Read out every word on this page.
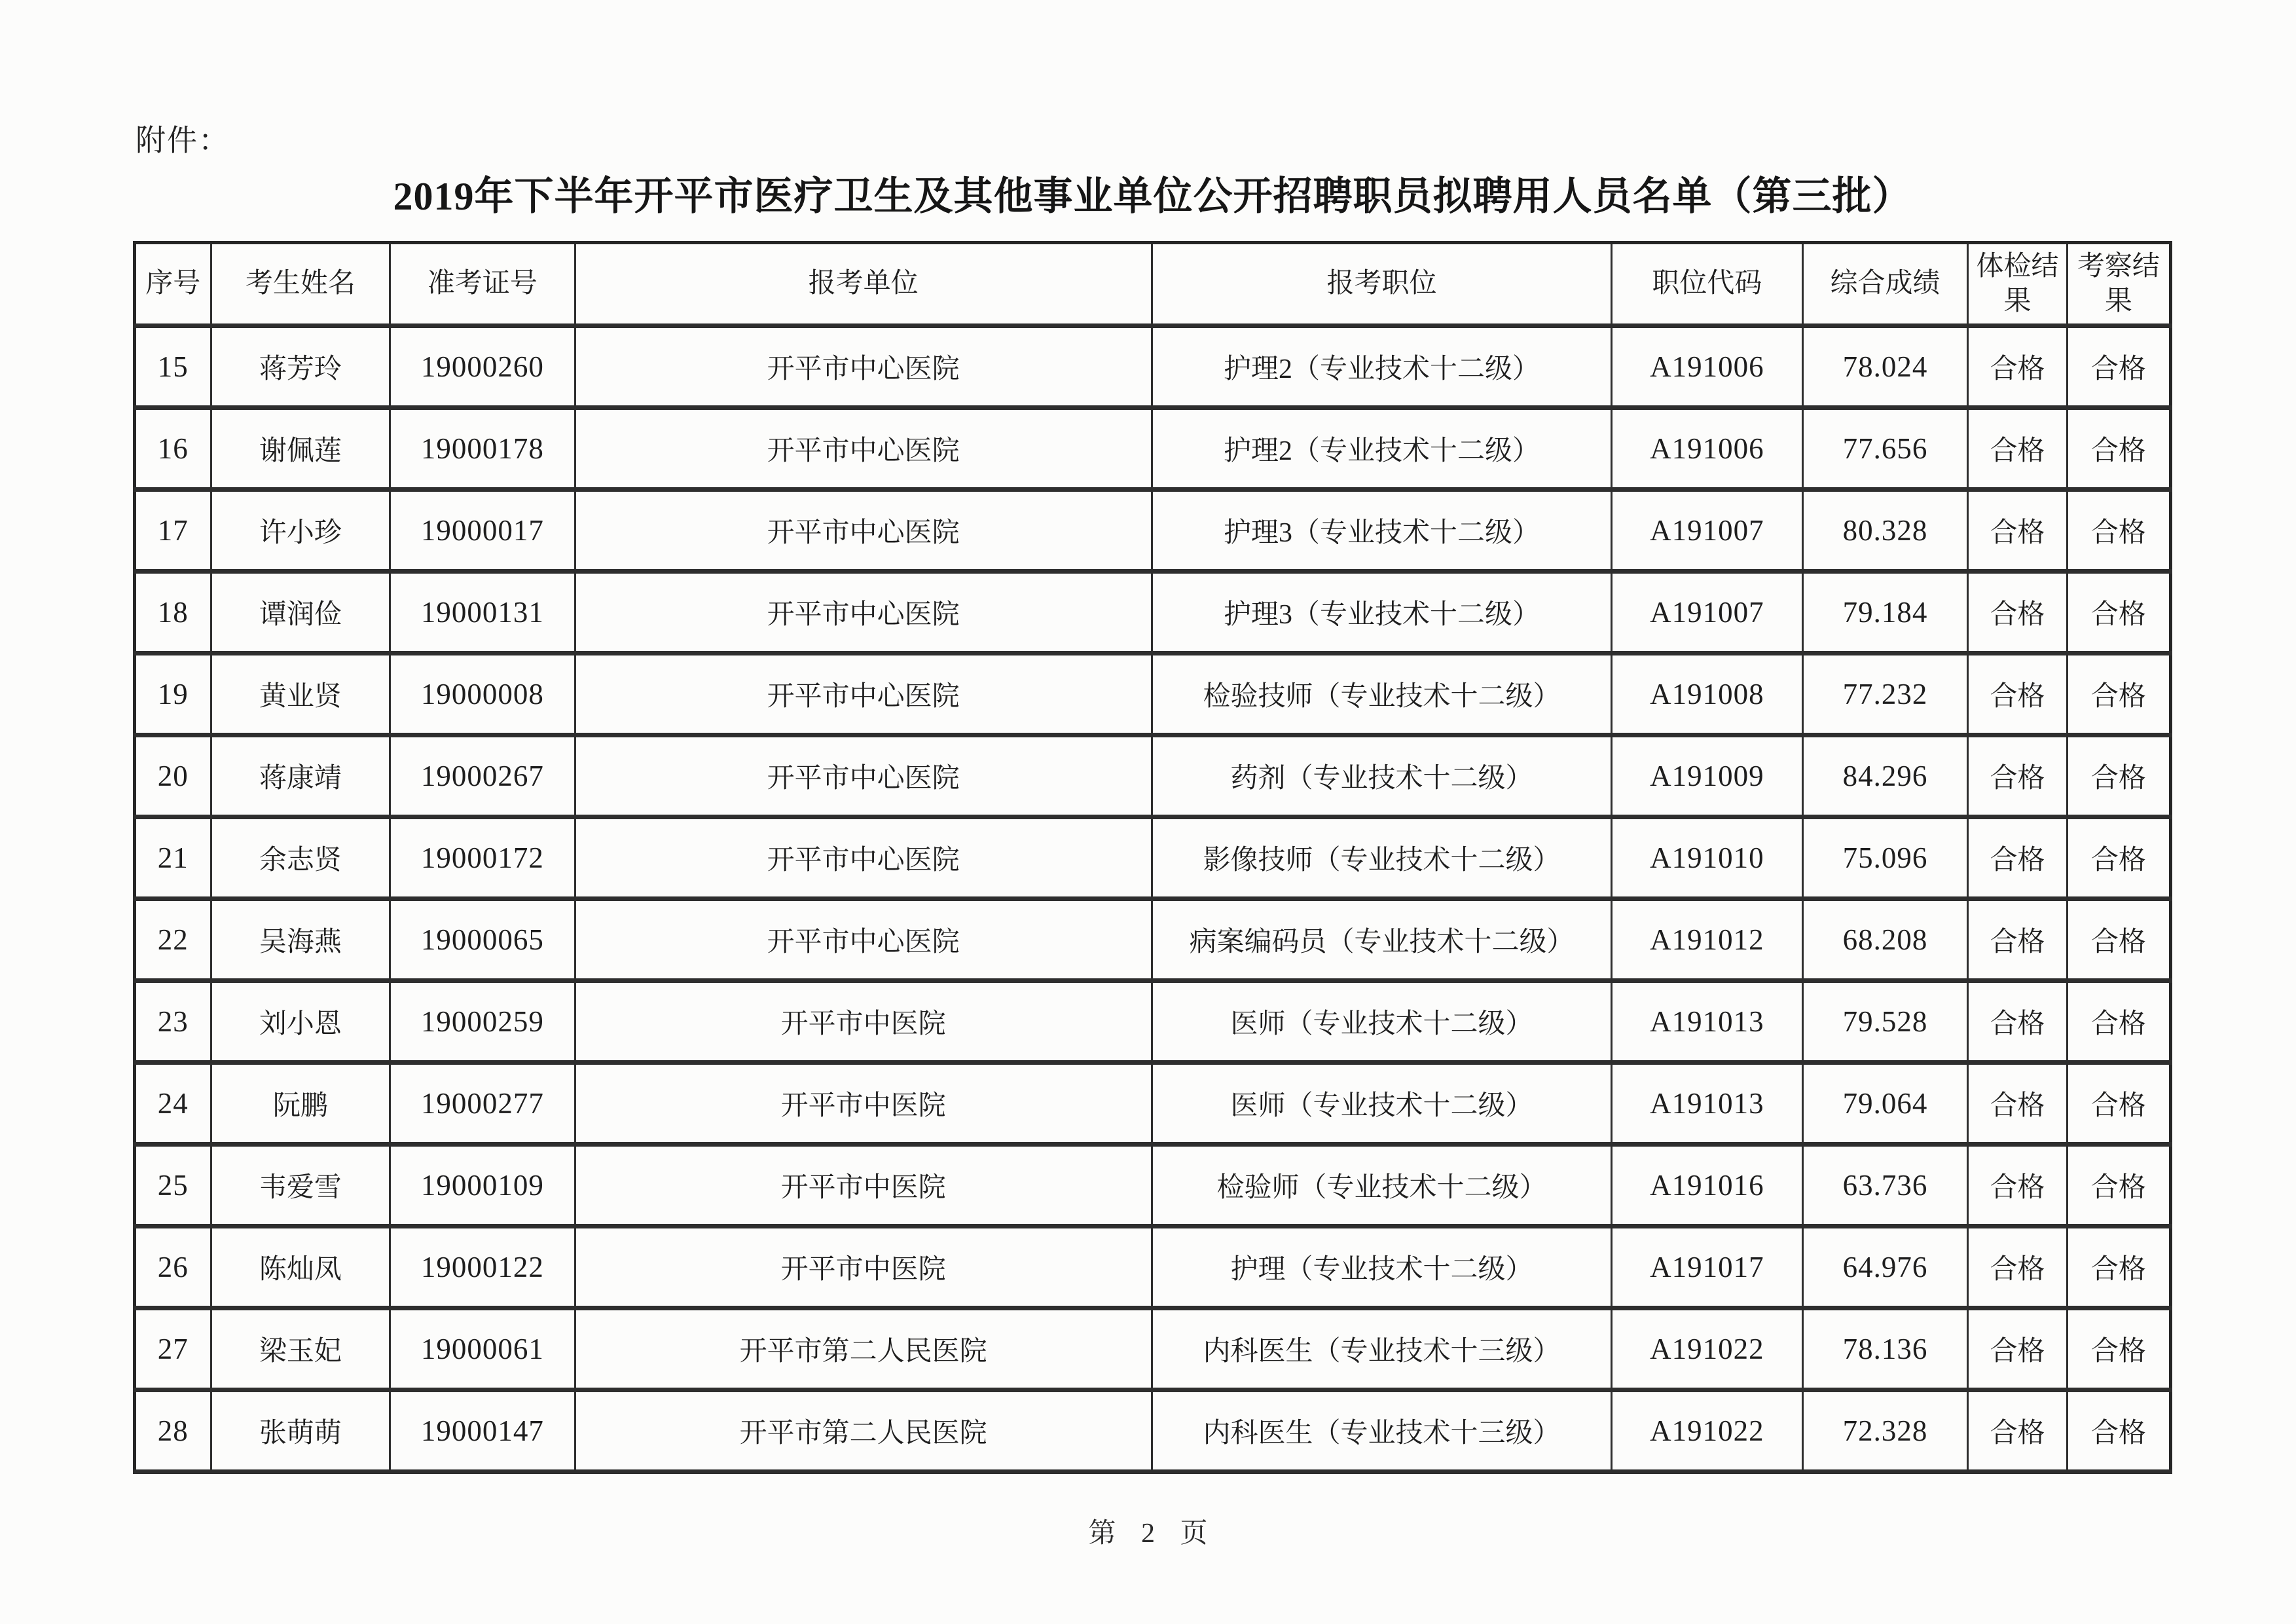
附件：
2019年下半年开平市医疗卫生及其他事业单位公开招聘职员拟聘用人员名单（第三批）
序号	考生姓名	准考证号	报考单位	报考职位	职位代码	综合成绩	体检结果	考察结果
15	蒋芳玲	19000260	开平市中心医院	护理2（专业技术十二级）	A191006	78.024	合格	合格
16	谢佩莲	19000178	开平市中心医院	护理2（专业技术十二级）	A191006	77.656	合格	合格
17	许小珍	19000017	开平市中心医院	护理3（专业技术十二级）	A191007	80.328	合格	合格
18	谭润俭	19000131	开平市中心医院	护理3（专业技术十二级）	A191007	79.184	合格	合格
19	黄业贤	19000008	开平市中心医院	检验技师（专业技术十二级）	A191008	77.232	合格	合格
20	蒋康靖	19000267	开平市中心医院	药剂（专业技术十二级）	A191009	84.296	合格	合格
21	余志贤	19000172	开平市中心医院	影像技师（专业技术十二级）	A191010	75.096	合格	合格
22	吴海燕	19000065	开平市中心医院	病案编码员（专业技术十二级）	A191012	68.208	合格	合格
23	刘小恩	19000259	开平市中医院	医师（专业技术十二级）	A191013	79.528	合格	合格
24	阮鹏	19000277	开平市中医院	医师（专业技术十二级）	A191013	79.064	合格	合格
25	韦爱雪	19000109	开平市中医院	检验师（专业技术十二级）	A191016	63.736	合格	合格
26	陈灿凤	19000122	开平市中医院	护理（专业技术十二级）	A191017	64.976	合格	合格
27	梁玉妃	19000061	开平市第二人民医院	内科医生（专业技术十三级）	A191022	78.136	合格	合格
28	张萌萌	19000147	开平市第二人民医院	内科医生（专业技术十三级）	A191022	72.328	合格	合格
第 2 页
